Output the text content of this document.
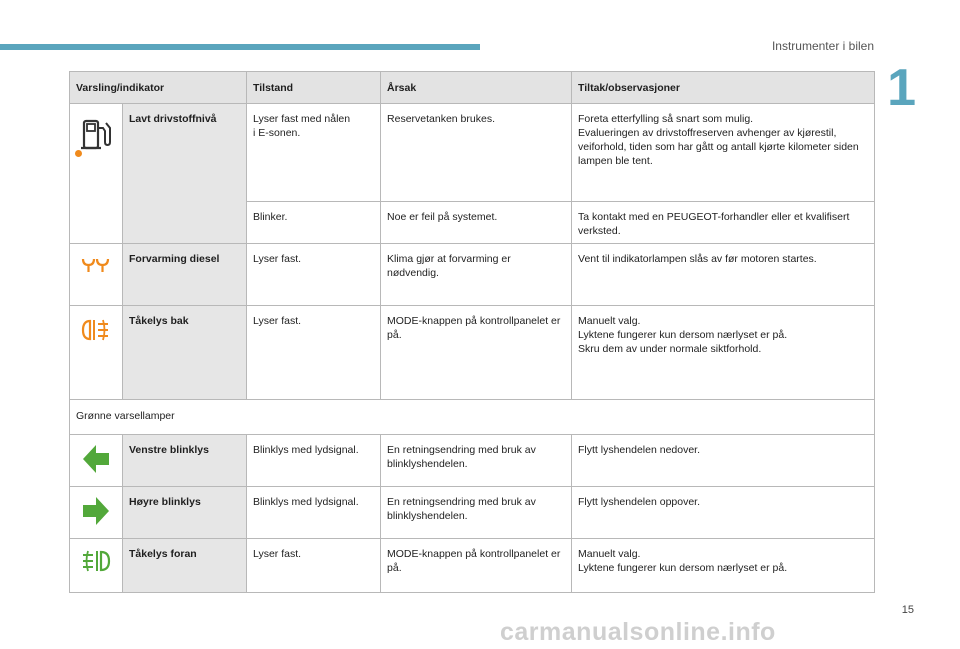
Instrumenter i bilen
1
Varsling/indikator		Tilstand	Årsak	Tiltak/observasjoner

	Lavt drivstoffnivå	Lyser fast med nålen
i E-sonen.	Reservetanken brukes.	Foreta etterfylling så snart som mulig.
Evalueringen av drivstoffreserven avhenger av kjørestil, veiforhold, tiden som har gått og antall kjørte kilometer siden lampen ble tent.
		Blinker.	Noe er feil på systemet.	Ta kontakt med en PEUGEOT-forhandler eller et kvalifisert verksted.
	Forvarming diesel	Lyser fast.	Klima gjør at forvarming er nødvendig.	Vent til indikatorlampen slås av før motoren startes.
	Tåkelys bak	Lyser fast.	MODE-knappen på kontrollpanelet er på.	Manuelt valg.
Lyktene fungerer kun dersom nærlyset er på.
Skru dem av under normale siktforhold.
Grønne varsellamper				
	Venstre blinklys	Blinklys med lydsignal.	En retningsendring med bruk av blinklyshendelen.	Flytt lyshendelen nedover.
	Høyre blinklys	Blinklys med lydsignal.	En retningsendring med bruk av blinklyshendelen.	Flytt lyshendelen oppover.
	Tåkelys foran	Lyser fast.	MODE-knappen på kontrollpanelet er på.	Manuelt valg.
Lyktene fungerer kun dersom nærlyset er på.
15
carmanualsonline.info
